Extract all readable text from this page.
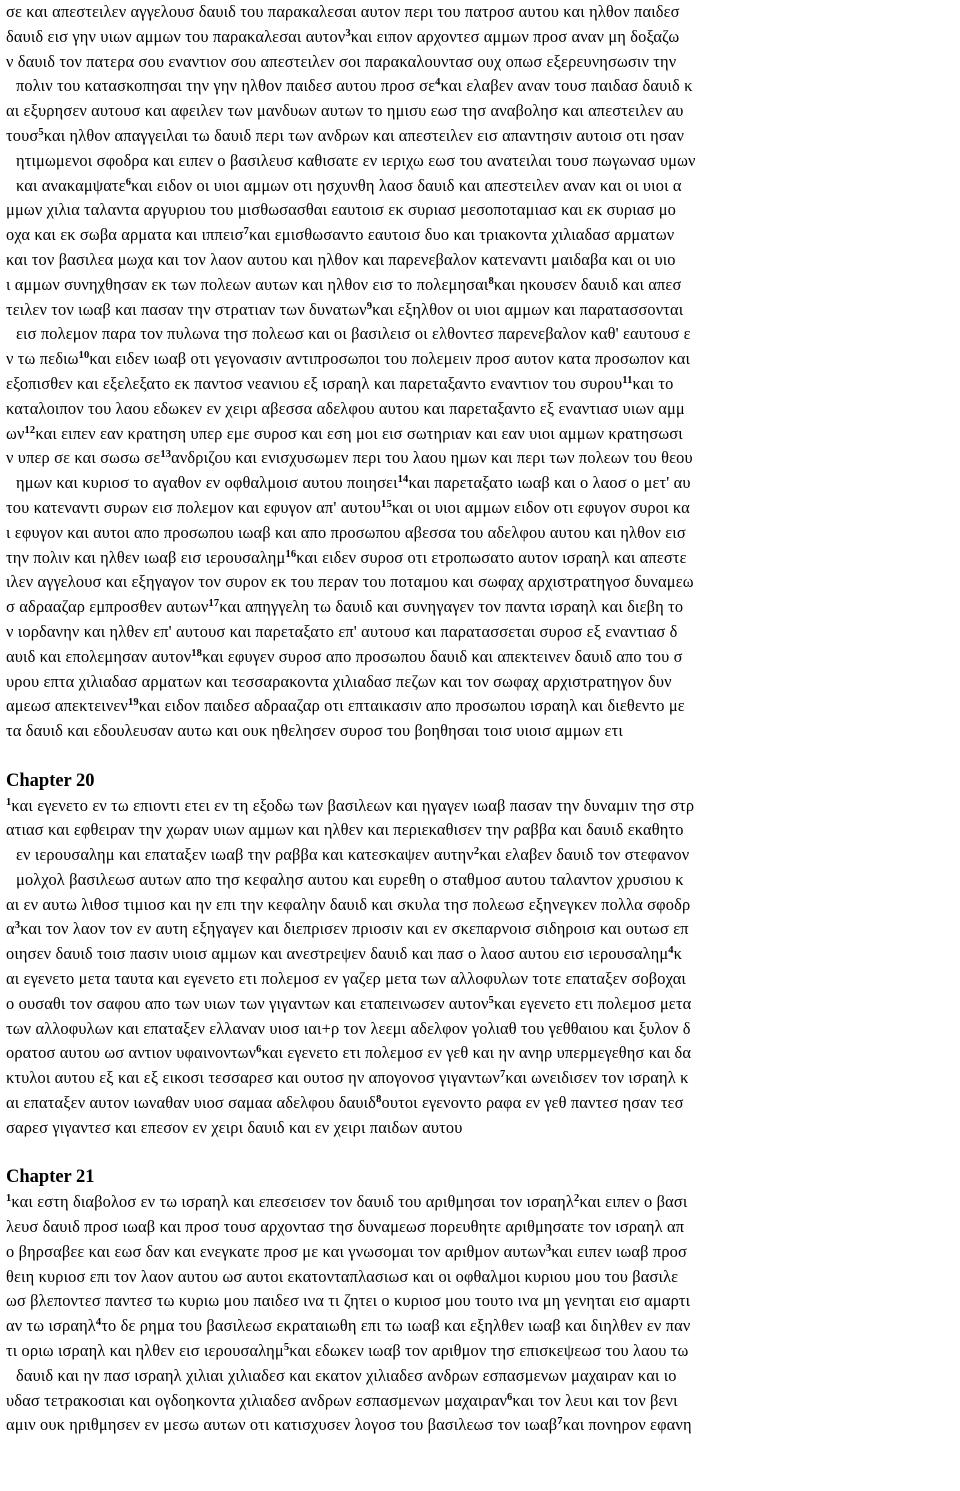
σε και απεστειλεν αγγελουσ δαυιδ του παρακαλεσαι αυτον περι του πατροσ αυτου και ηλθον παιδεσ
δαυιδ εισ γην υιων αμμων του παρακαλεσαι αυτον$^3$και ειπον αρχοντεσ αμμων προσ αναν μη δοξαζω
ν δαυιδ τον πατερα σου εναντιον σου απεστειλεν σοι παρακαλουντασ ουχ οπωσ εξερευνησωσιν την
πολιν του κατασκοπησαι την γην ηλθον παιδεσ αυτου προσ $\sigma\varepsilon^4\kappa\alpha\iota$ ελαβεν αναν τουσ παιδασ δαυιδ κ
αι εξυρησεν αυτουσ και αφειλεν των μανδυων αυτων το ημισυ εωσ τησ αναβολησ και απεστειλεν αυ
τουσ$^5$και ηλθον απαγγειλαι τω δαυιδ περι των ανδρων και απεστειλεν εισ απαντησιν αυτοισ οτι ησαν
ητιμωμενοι σφοδρα και ειπεν ο βασιλευσ καθισατε εν ιεριχω εωσ του ανατειλαι τουσ πωγωνασ υμων
και ανακαμψατε$^6$και ειδον οι υιοι αμμων οτι ησχυνθη λαοσ δαυιδ και απεστειλεν αναν και οι υιοι α
μμων χιλια ταλαντα αργυριου του μισθωσασθαι εαυτοισ εκ συριασ μεσοποταμιασ και εκ συριασ μο
οχα και εκ σωβα αρματα και ιππεισ$^7$και εμισθωσαντο εαυτοισ δυο και τριακοντα χιλιαδασ αρματων
και τον βασιλεα μωχα και τον λαον αυτου και ηλθον και παρενεβαλον κατεναντι μαιδαβα και οι υιο
ι αμμων συνηχθησαν εκ των πολεων αυτων και ηλθον εισ το πολεμησαι$^8$και ηκουσεν δαυιδ και απεσ
τειλεν τον ιωαβ και πασαν την στρατιαν των δυνατων$^9$και εξηλθον οι υιοι αμμων και παρατασσονται
εισ πολεμον παρα τον πυλωνα τησ πολεωσ και οι βασιλεισ οι ελθοντεσ παρενεβαλον καθ' εαυτουσ ε
ν τω πεδιω$^{10}$και ειδεν ιωαβ οτι γεγονασιν αντιπροσωποι του πολεμειν προσ αυτον κατα προσωπον και
εξοπισθεν και εξελεξατο εκ παντοσ νεανιου εξ ισραηλ και παρεταξαντο εναντιον του συρου$^{11}$και το
καταλοιπον του λαου εδωκεν εν χειρι αβεσσα αδελφου αυτου και παρεταξαντο εξ εναντιασ υιων αμμ
$\omega\nu^{12}\kappa\alpha\iota$ ειπεν εαν κρατηση υπερ εμε συροσ και εση μοι εισ σωτηριαν και εαν υιοι αμμων κρατησωσι
ν υπερ σε και σωσω $\sigma\varepsilon^{13}\alpha\nu\delta\rho\iota\zeta o\upsilon$ και ενισχυσωμεν περι του λαου ημων και περι των πολεων του θεου
ημων και κυριοσ το αγαθον εν οφθαλμοισ αυτου ποιησει$^{14}$και παρεταξατο ιωαβ και ο λαοσ ο μετ' αυ
του κατεναντι συρων εισ πολεμον και εφυγον απ' αυτου$^{15}$και οι υιοι αμμων ειδον οτι εφυγον συροι κα
ι εφυγον και αυτοι απο προσωπου ιωαβ και απο προσωπου αβεσσα του αδελφου αυτου και ηλθον εισ
την πολιν και ηλθεν ιωαβ εισ ιερουσαλημ$^{16}$και ειδεν συροσ οτι ετροπωσατο αυτον ισραηλ και απεστε
ιλεν αγγελουσ και εξηγαγον τον συρον εκ του περαν του ποταμου και σωφαχ αρχιστρατηγοσ δυναμεω
σ αδρααζαρ εμπροσθεν αυτων$^{17}$και απηγγελη τω δαυιδ και συνηγαγεν τον παντα ισραηλ και διεβη το
ν ιορδανην και ηλθεν επ' αυτουσ και παρεταξατο επ' αυτουσ και παρατασσεται συροσ εξ εναντιασ δ
αυιδ και επολεμησαν αυτον$^{18}$και εφυγεν συροσ απο προσωπου δαυιδ και απεκτεινεν δαυιδ απο του σ
υρου επτα χιλιαδασ αρματων και τεσσαρακοντα χιλιαδασ πεζων και τον σωφαχ αρχιστρατηγον δυν
αμεωσ απεκτεινεν$^{19}$και ειδον παιδεσ αδρααζαρ οτι επταικασιν απο προσωπου ισραηλ και διεθεντο με
τα δαυιδ και εδουλευσαν αυτω και ουκ ηθελησεν συροσ του βοηθησαι τοισ υιοισ αμμων ετι
Chapter 20
$^1$και εγενετο εν τω επιοντι ετει εν τη εξοδω των βασιλεων και ηγαγεν ιωαβ πασαν την δυναμιν τησ στρ
ατιασ και εφθειραν την χωραν υιων αμμων και ηλθεν και περιεκαθισεν την ραββα και δαυιδ εκαθητο
εν ιερουσαλημ και επαταξεν ιωαβ την ραββα και κατεσκαψεν αυτην$^2$και ελαβεν δαυιδ τον στεφανον
μολχολ βασιλεωσ αυτων απο τησ κεφαλησ αυτου και ευρεθη ο σταθμοσ αυτου ταλαντον χρυσιου κ
αι εν αυτω λιθοσ τιμιοσ και ην επι την κεφαλην δαυιδ και σκυλα τησ πολεωσ εξηνεγκεν πολλα σφοδρ
$\alpha^3\kappa\alpha\iota$ τον λαον τον εν αυτη εξηγαγεν και διεπρισεν πριοσιν και εν σκεπαρνοισ σιδηροισ και ουτωσ επ
οιησεν δαυιδ τοισ πασιν υιοισ αμμων και ανεστρεψεν δαυιδ και πασ ο λαοσ αυτου εισ ιερουσαλημ$^4$κ
αι εγενετο μετα ταυτα και εγενετο ετι πολεμοσ εν γαζερ μετα των αλλοφυλων τοτε επαταξεν σοβοχαι
ο ουσαθι τον σαφου απο των υιων των γιγαντων και εταπεινωσεν αυτον$^5$και εγενετο ετι πολεμοσ μετα
των αλλοφυλων και επαταξεν ελλαναν υιοσ ιαι+ρ τον λεεμι αδελφον γολιαθ του γεθθαιου και ξυλον δ
ορατοσ αυτου ωσ αντιον υφαινοντων$^6$και εγενετο ετι πολεμοσ εν γεθ και ην ανηρ υπερμεγεθησ και δα
κτυλοι αυτου εξ και εξ εικοσι τεσσαρεσ και ουτοσ ην απογονοσ γιγαντων$^7$και ωνειδισεν τον ισραηλ κ
αι επαταξεν αυτον ιωναθαν υιοσ σαμαα αδελφου δαυιδ$^8$ουτοι εγενοντο ραφα εν γεθ παντεσ ησαν τεσ
σαρεσ γιγαντεσ και επεσον εν χειρι δαυιδ και εν χειρι παιδων αυτου
Chapter 21
$^1$και εστη διαβολοσ εν τω ισραηλ και επεσεισεν τον δαυιδ του αριθμησαι τον ισραηλ$^2$και ειπεν ο βασι
λευσ δαυιδ προσ ιωαβ και προσ τουσ αρχοντασ τησ δυναμεωσ πορευθητε αριθμησατε τον ισραηλ απ
ο βηρσαβεε και εωσ δαν και ενεγκατε προσ με και γνωσομαι τον αριθμον αυτων$^3$και ειπεν ιωαβ προσ
θειη κυριοσ επι τον λαον αυτου ωσ αυτοι εκατονταπλασιωσ και οι οφθαλμοι κυριου μου του βασιλε
ωσ βλεποντεσ παντεσ τω κυριω μου παιδεσ ινα τι ζητει ο κυριοσ μου τουτο ινα μη γενηται εισ αμαρτι
αν τω ισραηλ$^4$το δε ρημα του βασιλεωσ εκραταιωθη επι τω ιωαβ και εξηλθεν ιωαβ και διηλθεν εν παν
τι οριω ισραηλ και ηλθεν εισ ιερουσαλημ$^5$και εδωκεν ιωαβ τον αριθμον τησ επισκεψεωσ του λαου τω
δαυιδ και ην πασ ισραηλ χιλιαι χιλιαδεσ και εκατον χιλιαδεσ ανδρων εσπασμενων μαχαιραν και ιο
υδασ τετρακοσιαι και ογδοηκοντα χιλιαδεσ ανδρων εσπασμενων μαχαιραν$^6$και τον λευι και τον βενι
αμιν ουκ ηριθμησεν εν μεσω αυτων οτι κατισχυσεν λογοσ του βασιλεωσ τον ιωαβ$^7$και πονηρον εφανη
